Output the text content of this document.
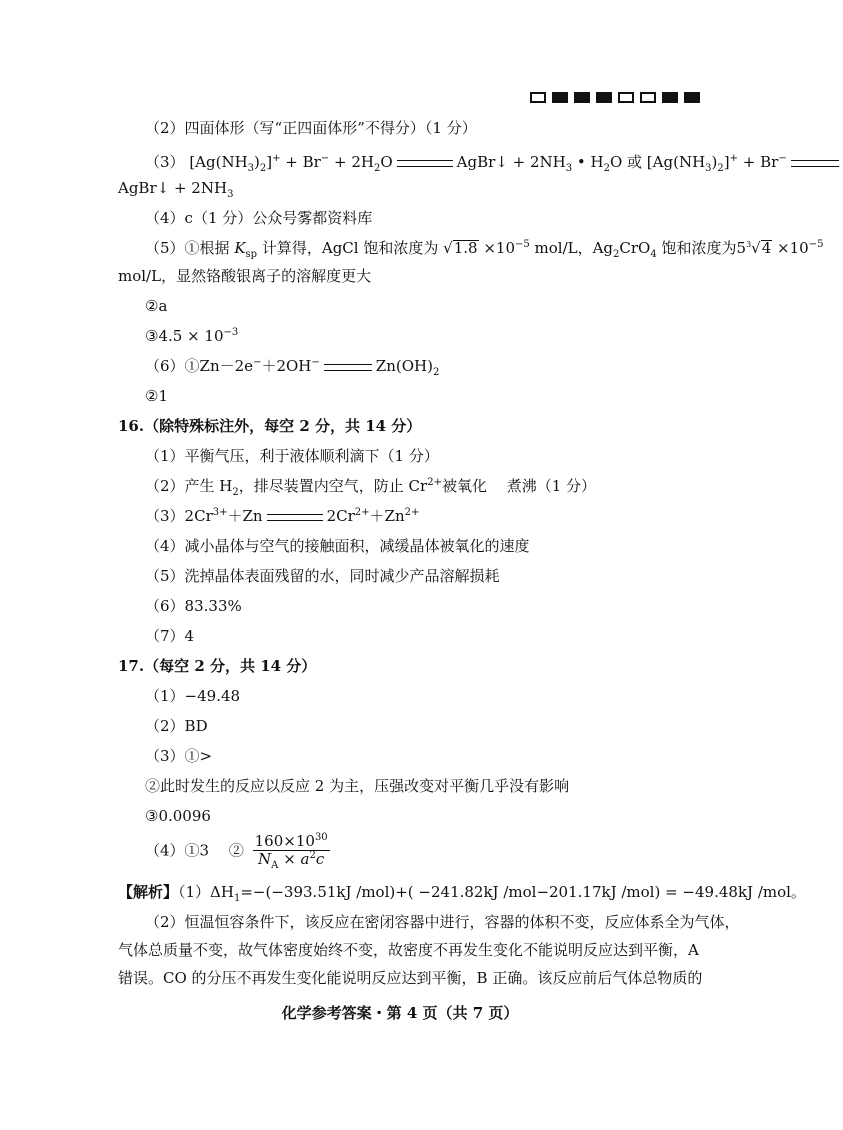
（2）四面体形（写“正四面体形”不得分）（1 分）
（3） $[Ag(NH_3)_2]^+ + Br^- + 2H_2O$	AgBr↓ + $2NH_3$ • $H_2O$ 或 $[Ag(NH_3)_2]^+ + Br^-$
AgBr↓ + $2NH_3$
（4）c（1 分）公众号雾都资料库
（5）①根据 $K_{sp}$ 计算得，AgCl 饱和浓度为 $√1.8 \times 10^{-5}$ mol/L，$Ag_2CrO_4$ 饱和浓度为$5^3√4 \times 10^{-5}$
mol/L，显然铬酸银离子的溶解度更大
②a
③4.5 × $10^{-3}$
（6）①Zn－2e−＋2OH−	$Zn(OH)_2$
②1
16.（除特殊标注外，每空 2 分，共 14 分）
（1）平衡气压，利于液体顺利滴下（1 分）
（2）产生 $H_2$，排尽装置内空气，防止 $Cr^{2+}$被氧化　 煮沸（1 分）
$(3)2Cr^{3+}+Zn$	$2Cr^{2+}+Zn^{2+}$
（4）减小晶体与空气的接触面积，减缓晶体被氧化的速度
（5）洗掉晶体表面残留的水，同时减少产品溶解损耗
（6）83.33%
（7）4
17.（每空 2 分，共 14 分）
（1）−49.48
（2）BD
（3）①>
②此时发生的反应以反应 2 为主，压强改变对平衡几乎没有影响
③0.0096
（4）①3　 ② $\frac{160\times 10^{30}}{N_A \times a^2c}$
【解析】$(1)\Delta H_1=-(-393.51kJ$ /mol)+( −241.82kJ /mol−201.17kJ /mol) = −49.48kJ /mol。
（2）恒温恒容条件下，该反应在密闭容器中进行，容器的体积不变，反应体系全为气体，
气体总质量不变，故气体密度始终不变，故密度不再发生变化不能说明反应达到平衡，A
错误。CO 的分压不再发生变化能说明反应达到平衡，B 正确。该反应前后气体总物质的
化学参考答案・第 4 页（共 7 页）
